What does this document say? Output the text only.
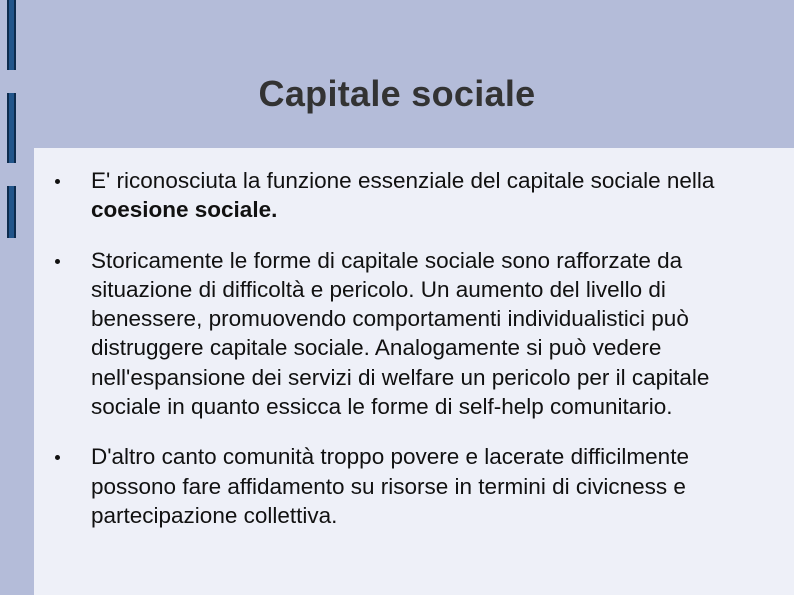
Capitale sociale
E' riconosciuta la funzione essenziale del capitale sociale nella coesione sociale.
Storicamente le forme di capitale sociale sono rafforzate da situazione di difficoltà e pericolo. Un aumento del livello di benessere, promuovendo comportamenti individualistici può distruggere capitale sociale. Analogamente si può vedere nell'espansione dei servizi di welfare un pericolo per il capitale sociale in quanto essicca le forme di self-help comunitario.
D'altro canto comunità troppo povere e lacerate difficilmente possono fare affidamento su risorse in termini di civicness e partecipazione collettiva.
